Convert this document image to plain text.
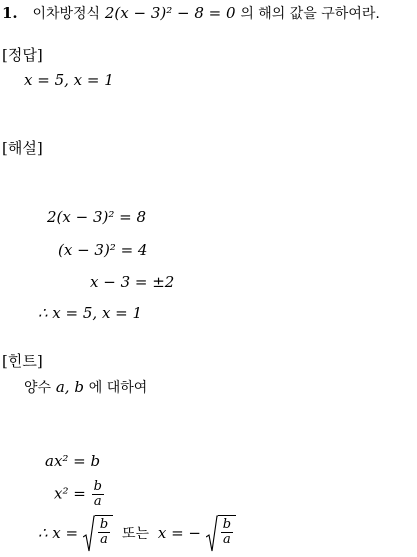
1. 이차방정식 2(x − 3)² − 8 = 0 의 해의 값을 구하여라.
[정답]
x = 5, x = 1
[해설]
2(x − 3)² = 8
(x − 3)² = 4
x − 3 = ±2
∴ x = 5, x = 1
[힌트]
양수 a, b 에 대하여
ax² = b
$x^2 = \frac{b}{a}$
∴ $x = \frac{b}{a}$ 또는 x = − $\frac{b}{a}$
